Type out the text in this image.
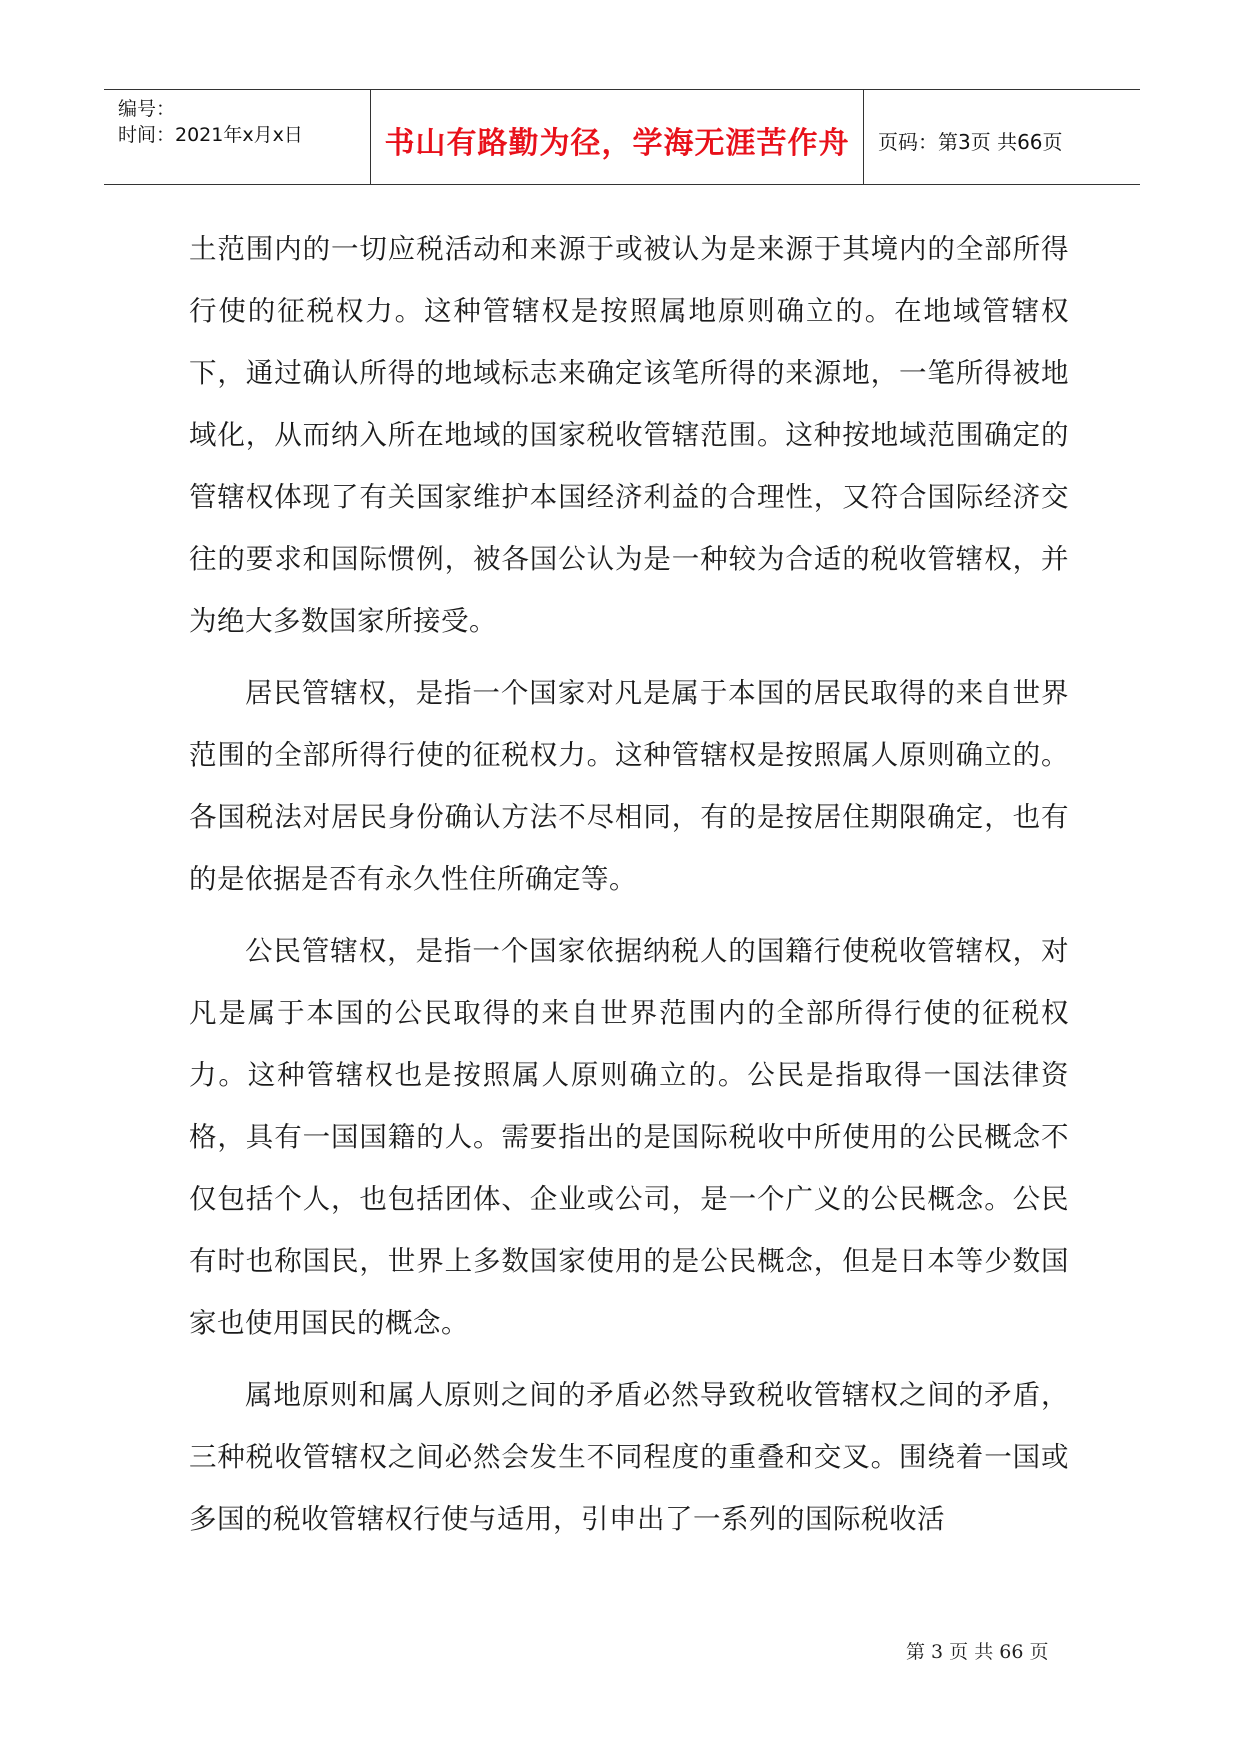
编号：
时间：2021年x月x日	书山有路勤为径，学海无涯苦作舟	页码：第3页 共66页

土范围内的一切应税活动和来源于或被认为是来源于其境内的全部所得行使的征税权力。这种管辖权是按照属地原则确立的。在地域管辖权下，通过确认所得的地域标志来确定该笔所得的来源地，一笔所得被地域化，从而纳入所在地域的国家税收管辖范围。这种按地域范围确定的管辖权体现了有关国家维护本国经济利益的合理性，又符合国际经济交往的要求和国际惯例，被各国公认为是一种较为合适的税收管辖权，并为绝大多数国家所接受。

居民管辖权，是指一个国家对凡是属于本国的居民取得的来自世界范围的全部所得行使的征税权力。这种管辖权是按照属人原则确立的。各国税法对居民身份确认方法不尽相同，有的是按居住期限确定，也有的是依据是否有永久性住所确定等。

公民管辖权，是指一个国家依据纳税人的国籍行使税收管辖权，对凡是属于本国的公民取得的来自世界范围内的全部所得行使的征税权力。这种管辖权也是按照属人原则确立的。公民是指取得一国法律资格，具有一国国籍的人。需要指出的是国际税收中所使用的公民概念不仅包括个人，也包括团体、企业或公司，是一个广义的公民概念。公民有时也称国民，世界上多数国家使用的是公民概念，但是日本等少数国家也使用国民的概念。

属地原则和属人原则之间的矛盾必然导致税收管辖权之间的矛盾，三种税收管辖权之间必然会发生不同程度的重叠和交叉。围绕着一国或多国的税收管辖权行使与适用，引申出了一系列的国际税收活

第 3 页 共 66 页
